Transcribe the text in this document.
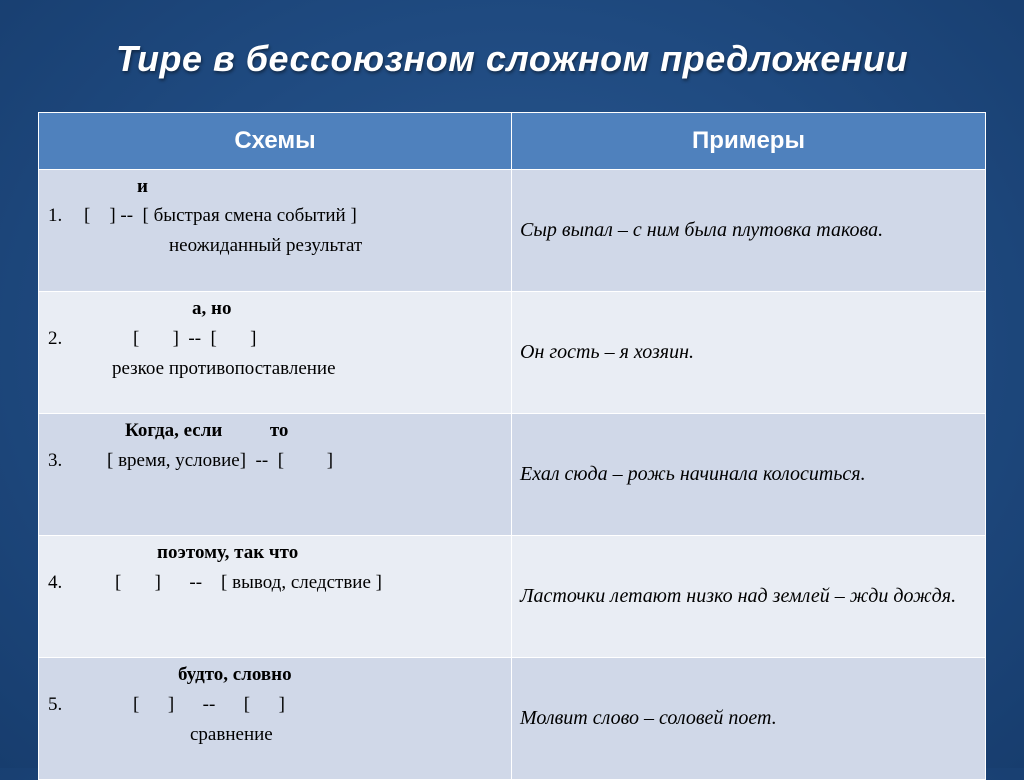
Тире в бессоюзном сложном предложении
Схемы	Примеры

и
1. [    ] --  [ быстрая смена событий ]
неожиданный результат	Сыр выпал – с ним была плутовка такова.

а, но
2. [       ]  --  [       ]
резкое противопоставление	Он гость – я хозяин.

Когда, если          то
3. [ время, условие]  --  [         ]	Ехал сюда – рожь начинала колоситься.

поэтому, так что
4. [       ]      --    [ вывод, следствие ]	Ласточки летают низко над землей – жди дождя.

будто, словно
5. [      ]      --      [      ]
сравнение	Молвит слово – соловей поет.
